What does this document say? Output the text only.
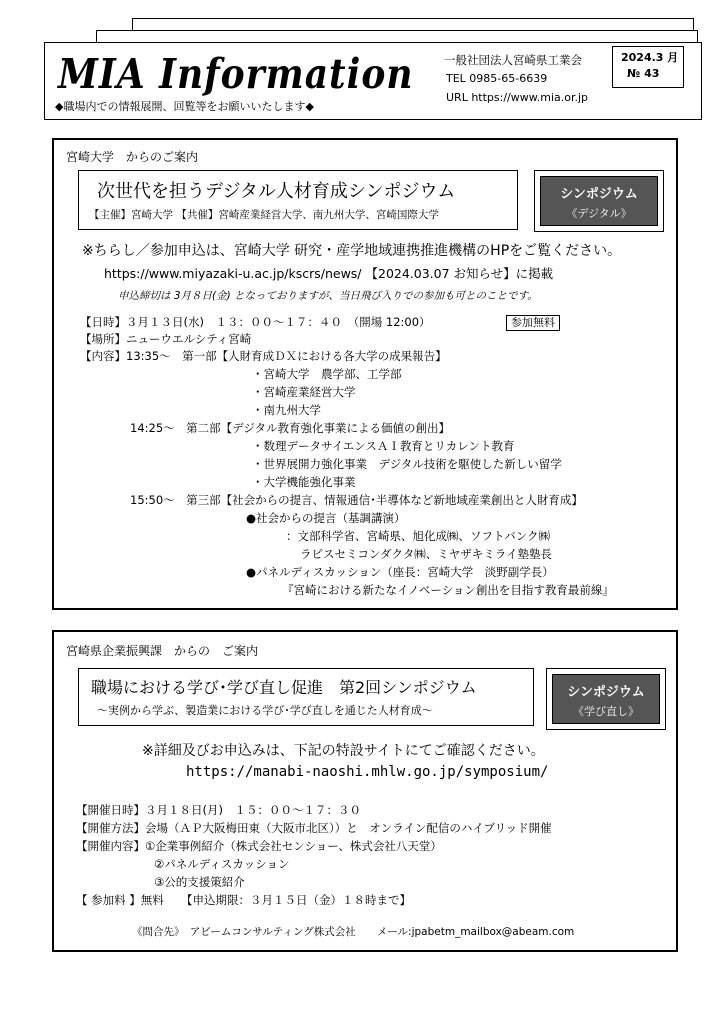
MIA Information
◆職場内での情報展開、回覧等をお願いいたします◆
一般社団法人宮崎県工業会
TEL 0985-65-6639
URL https://www.mia.or.jp
2024.3 月
№ 43
宮崎大学　からのご案内
次世代を担うデジタル人材育成シンポジウム
【主催】宮崎大学 【共催】宮崎産業経営大学、南九州大学、宮崎国際大学
シンポジウム
《デジタル》
※ちらし／参加申込は、宮崎大学 研究・産学地域連携推進機構のHPをご覧ください。
https://www.miyazaki-u.ac.jp/kscrs/news/ 【2024.03.07 お知らせ】に掲載
申込締切は 3月８日(金) となっておりますが、当日飛び入りでの参加も可とのことです。
【日時】３月１３日(水)　１３：００～１７：４０　（開場 12:00）	参加無料
【場所】ニューウエルシティ宮崎
【内容】13:35～　第一部【人財育成ＤＸにおける各大学の成果報告】
・宮崎大学　農学部、工学部
・宮崎産業経営大学
・南九州大学
14:25～　第二部【デジタル教育強化事業による価値の創出】
・数理データサイエンスＡＩ教育とリカレント教育
・世界展開力強化事業　デジタル技術を駆使した新しい留学
・大学機能強化事業
15:50～　第三部【社会からの提言、情報通信･半導体など新地域産業創出と人財育成】
●社会からの提言（基調講演）
：文部科学省、宮崎県、旭化成㈱、ソフトバンク㈱
ラピスセミコンダクタ㈱、ミヤザキミライ塾塾長
●パネルディスカッション（座長：宮崎大学　淡野副学長）
『宮崎における新たなイノベーション創出を目指す教育最前線』
宮崎県企業振興課　からの　ご案内
職場における学び･学び直し促進　第2回シンポジウム
～実例から学ぶ、製造業における学び･学び直しを通じた人材育成～
シンポジウム
《学び直し》
※詳細及びお申込みは、下記の特設サイトにてご確認ください。
https://manabi-naoshi.mhlw.go.jp/symposium/
【開催日時】３月１８日(月)　１５：００～１７：３０
【開催方法】会場（ＡＰ大阪梅田東（大阪市北区））と　オンライン配信のハイブリッド開催
【開催内容】①企業事例紹介（株式会社センショー、株式会社八天堂）
②パネルディスカッション
③公的支援策紹介
【 参加料 】無料　　【申込期限：３月１５日（金）１８時まで】
《問合先》　アビームコンサルティング株式会社　　メール:jpabetm_mailbox@abeam.com
